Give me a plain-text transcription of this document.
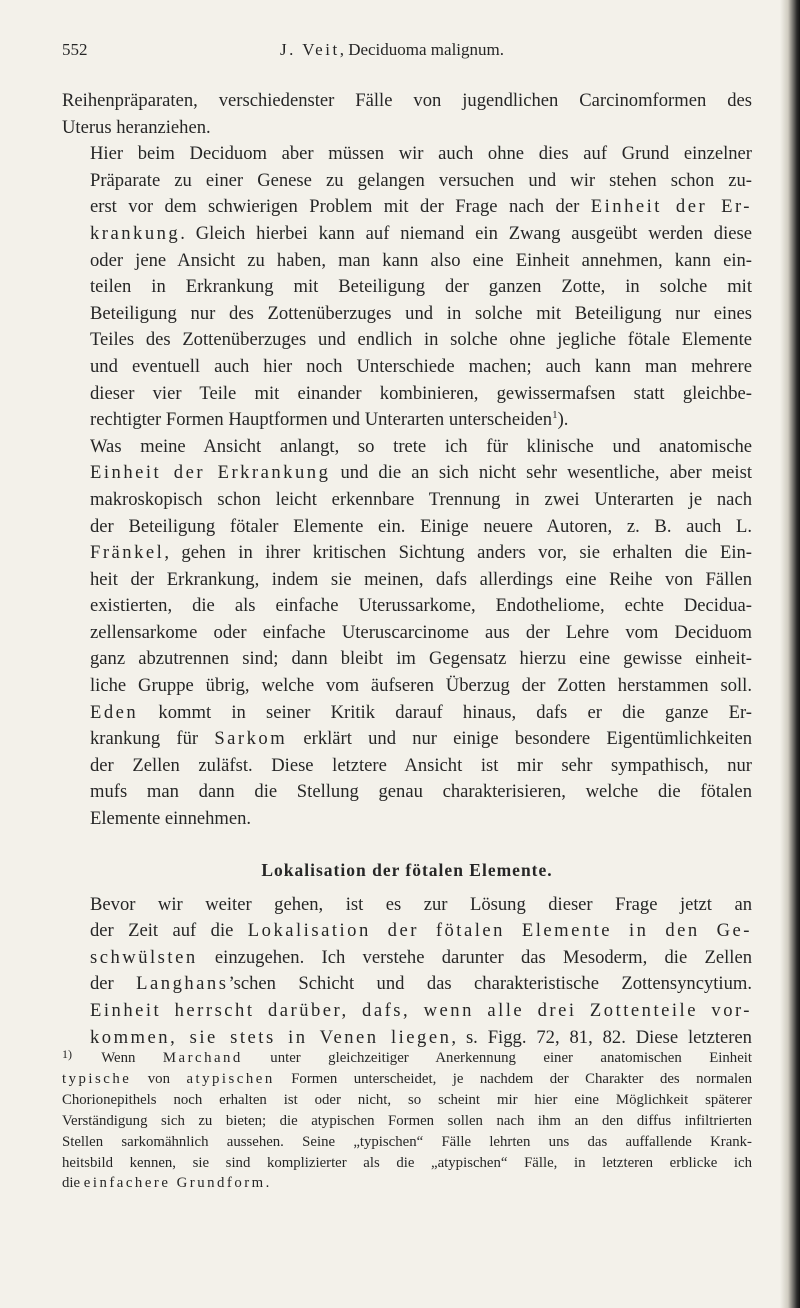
552	J. Veit, Deciduoma malignum.

Reihenpräparaten, verschiedenster Fälle von jugendlichen Carcinomformen des
Uterus heranziehen.

Hier beim Deciduom aber müssen wir auch ohne dies auf Grund einzelner
Präparate zu einer Genese zu gelangen versuchen und wir stehen schon zu-
erst vor dem schwierigen Problem mit der Frage nach der Einheit der Er-
krankung. Gleich hierbei kann auf niemand ein Zwang ausgeübt werden diese
oder jene Ansicht zu haben, man kann also eine Einheit annehmen, kann ein-
teilen in Erkrankung mit Beteiligung der ganzen Zotte, in solche mit
Beteiligung nur des Zottenüberzuges und in solche mit Beteiligung nur eines
Teiles des Zottenüberzuges und endlich in solche ohne jegliche fötale Elemente
und eventuell auch hier noch Unterschiede machen; auch kann man mehrere
dieser vier Teile mit einander kombinieren, gewissermafsen statt gleichbe-
rechtigter Formen Hauptformen und Unterarten unterscheiden$^1$).

Was meine Ansicht anlangt, so trete ich für klinische und anatomische
Einheit der Erkrankung und die an sich nicht sehr wesentliche, aber meist
makroskopisch schon leicht erkennbare Trennung in zwei Unterarten je nach
der Beteiligung fötaler Elemente ein. Einige neuere Autoren, z. B. auch L.
Fränkel, gehen in ihrer kritischen Sichtung anders vor, sie erhalten die Ein-
heit der Erkrankung, indem sie meinen, dafs allerdings eine Reihe von Fällen
existierten, die als einfache Uterussarkome, Endotheliome, echte Decidua-
zellensarkome oder einfache Uteruscarcinome aus der Lehre vom Deciduom
ganz abzutrennen sind; dann bleibt im Gegensatz hierzu eine gewisse einheit-
liche Gruppe übrig, welche vom äufseren Überzug der Zotten herstammen soll.
Eden kommt in seiner Kritik darauf hinaus, dafs er die ganze Er-
krankung für Sarkom erklärt und nur einige besondere Eigentümlichkeiten
der Zellen zuläfst. Diese letztere Ansicht ist mir sehr sympathisch, nur
mufs man dann die Stellung genau charakterisieren, welche die fötalen
Elemente einnehmen.

Lokalisation der fötalen Elemente.

Bevor wir weiter gehen, ist es zur Lösung dieser Frage jetzt an
der Zeit auf die Lokalisation der fötalen Elemente in den Ge-
schwülsten einzugehen. Ich verstehe darunter das Mesoderm, die Zellen
der Langhans’schen Schicht und das charakteristische Zottensyncytium.
Einheit herrscht darüber, dafs, wenn alle drei Zottenteile vor-
kommen, sie stets in Venen liegen, s. Figg. 72, 81, 82. Diese letzteren

$^{1)}$ Wenn Marchand unter gleichzeitiger Anerkennung einer anatomischen Einheit
typische von atypischen Formen unterscheidet, je nachdem der Charakter des normalen
Chorionepithels noch erhalten ist oder nicht, so scheint mir hier eine Möglichkeit späterer
Verständigung sich zu bieten; die atypischen Formen sollen nach ihm an den diffus infiltrierten
Stellen sarkomähnlich aussehen. Seine „typischen“ Fälle lehrten uns das auffallende Krank-
heitsbild kennen, sie sind komplizierter als die „atypischen“ Fälle, in letzteren erblicke ich
die einfachere Grundform.
